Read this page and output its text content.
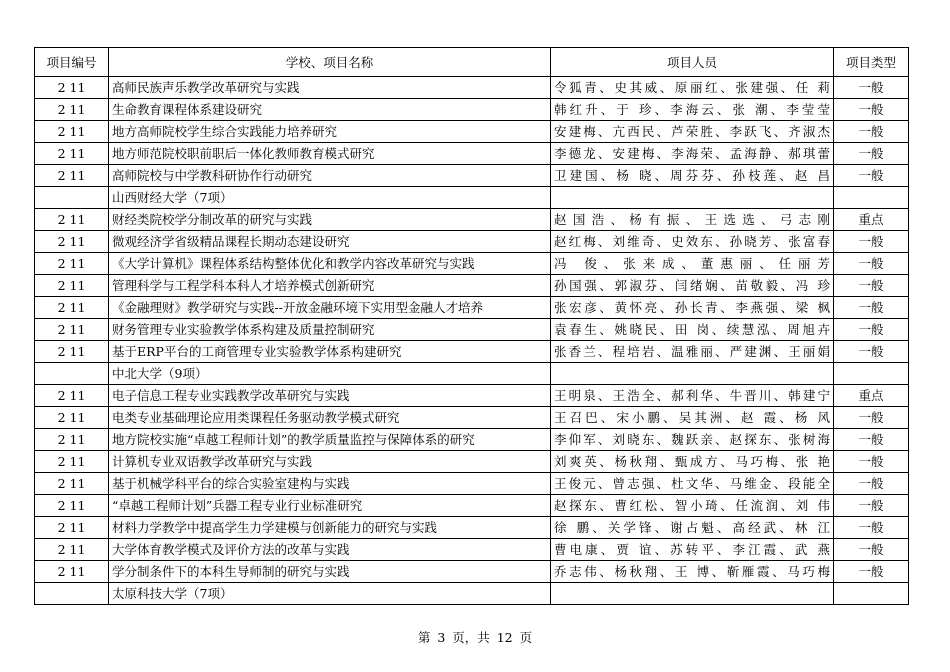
项目编号	学校、项目名称	项目人员	项目类型
2 11	高师民族声乐教学改革研究与实践	令狐青、史其威、原丽红、张建强、任 莉	一般
2 11	生命教育课程体系建设研究	韩红升、于 珍、李海云、张 潮、李莹莹	一般
2 11	地方高师院校学生综合实践能力培养研究	安建梅、亢西民、芦荣胜、李跃飞、齐淑杰	一般
2 11	地方师范院校职前职后一体化教师教育模式研究	李德龙、安建梅、李海荣、孟海静、郝琪蕾	一般
2 11	高师院校与中学教科研协作行动研究	卫建国、杨 晓、周芬芬、孙枝莲、赵 昌	一般
	山西财经大学（7项）		
2 11	财经类院校学分制改革的研究与实践	赵国浩、杨有振、王选选、弓志刚	重点
2 11	微观经济学省级精品课程长期动态建设研究	赵红梅、刘维奇、史效东、孙晓芳、张富春	一般
2 11	《大学计算机》课程体系结构整体优化和教学内容改革研究与实践	冯 俊、张来成、董惠丽、任丽芳	一般
2 11	管理科学与工程学科本科人才培养模式创新研究	孙国强、郭淑芬、闫绪娴、苗敬毅、冯 珍	一般
2 11	《金融理财》教学研究与实践--开放金融环境下实用型金融人才培养	张宏彦、黄怀亮、孙长青、李燕强、梁 枫	一般
2 11	财务管理专业实验教学体系构建及质量控制研究	袁春生、姚晓民、田 岗、续慧泓、周旭卉	一般
2 11	基于ERP平台的工商管理专业实验教学体系构建研究	张香兰、程培岩、温雅丽、严建渊、王丽娟	一般
	中北大学（9项）		
2 11	电子信息工程专业实践教学改革研究与实践	王明泉、王浩全、郝利华、牛晋川、韩建宁	重点
2 11	电类专业基础理论应用类课程任务驱动教学模式研究	王召巴、宋小鹏、吴其洲、赵 霞、杨 风	一般
2 11	地方院校实施“卓越工程师计划”的教学质量监控与保障体系的研究	李仰军、刘晓东、魏跃亲、赵探东、张树海	一般
2 11	计算机专业双语教学改革研究与实践	刘爽英、杨秋翔、甄成方、马巧梅、张 艳	一般
2 11	基于机械学科平台的综合实验室建构与实践	王俊元、曾志强、杜文华、马维金、段能全	一般
2 11	“卓越工程师计划”兵器工程专业行业标准研究	赵探东、曹红松、智小琦、任流润、刘 伟	一般
2 11	材料力学教学中提高学生力学建模与创新能力的研究与实践	徐 鹏、关学锋、谢占魁、高经武、林 江	一般
2 11	大学体育教学模式及评价方法的改革与实践	曹电康、贾 谊、苏转平、李江霞、武 燕	一般
2 11	学分制条件下的本科生导师制的研究与实践	乔志伟、杨秋翔、王 博、靳雁霞、马巧梅	一般
	太原科技大学（7项）		
第 3 页，共 12 页
